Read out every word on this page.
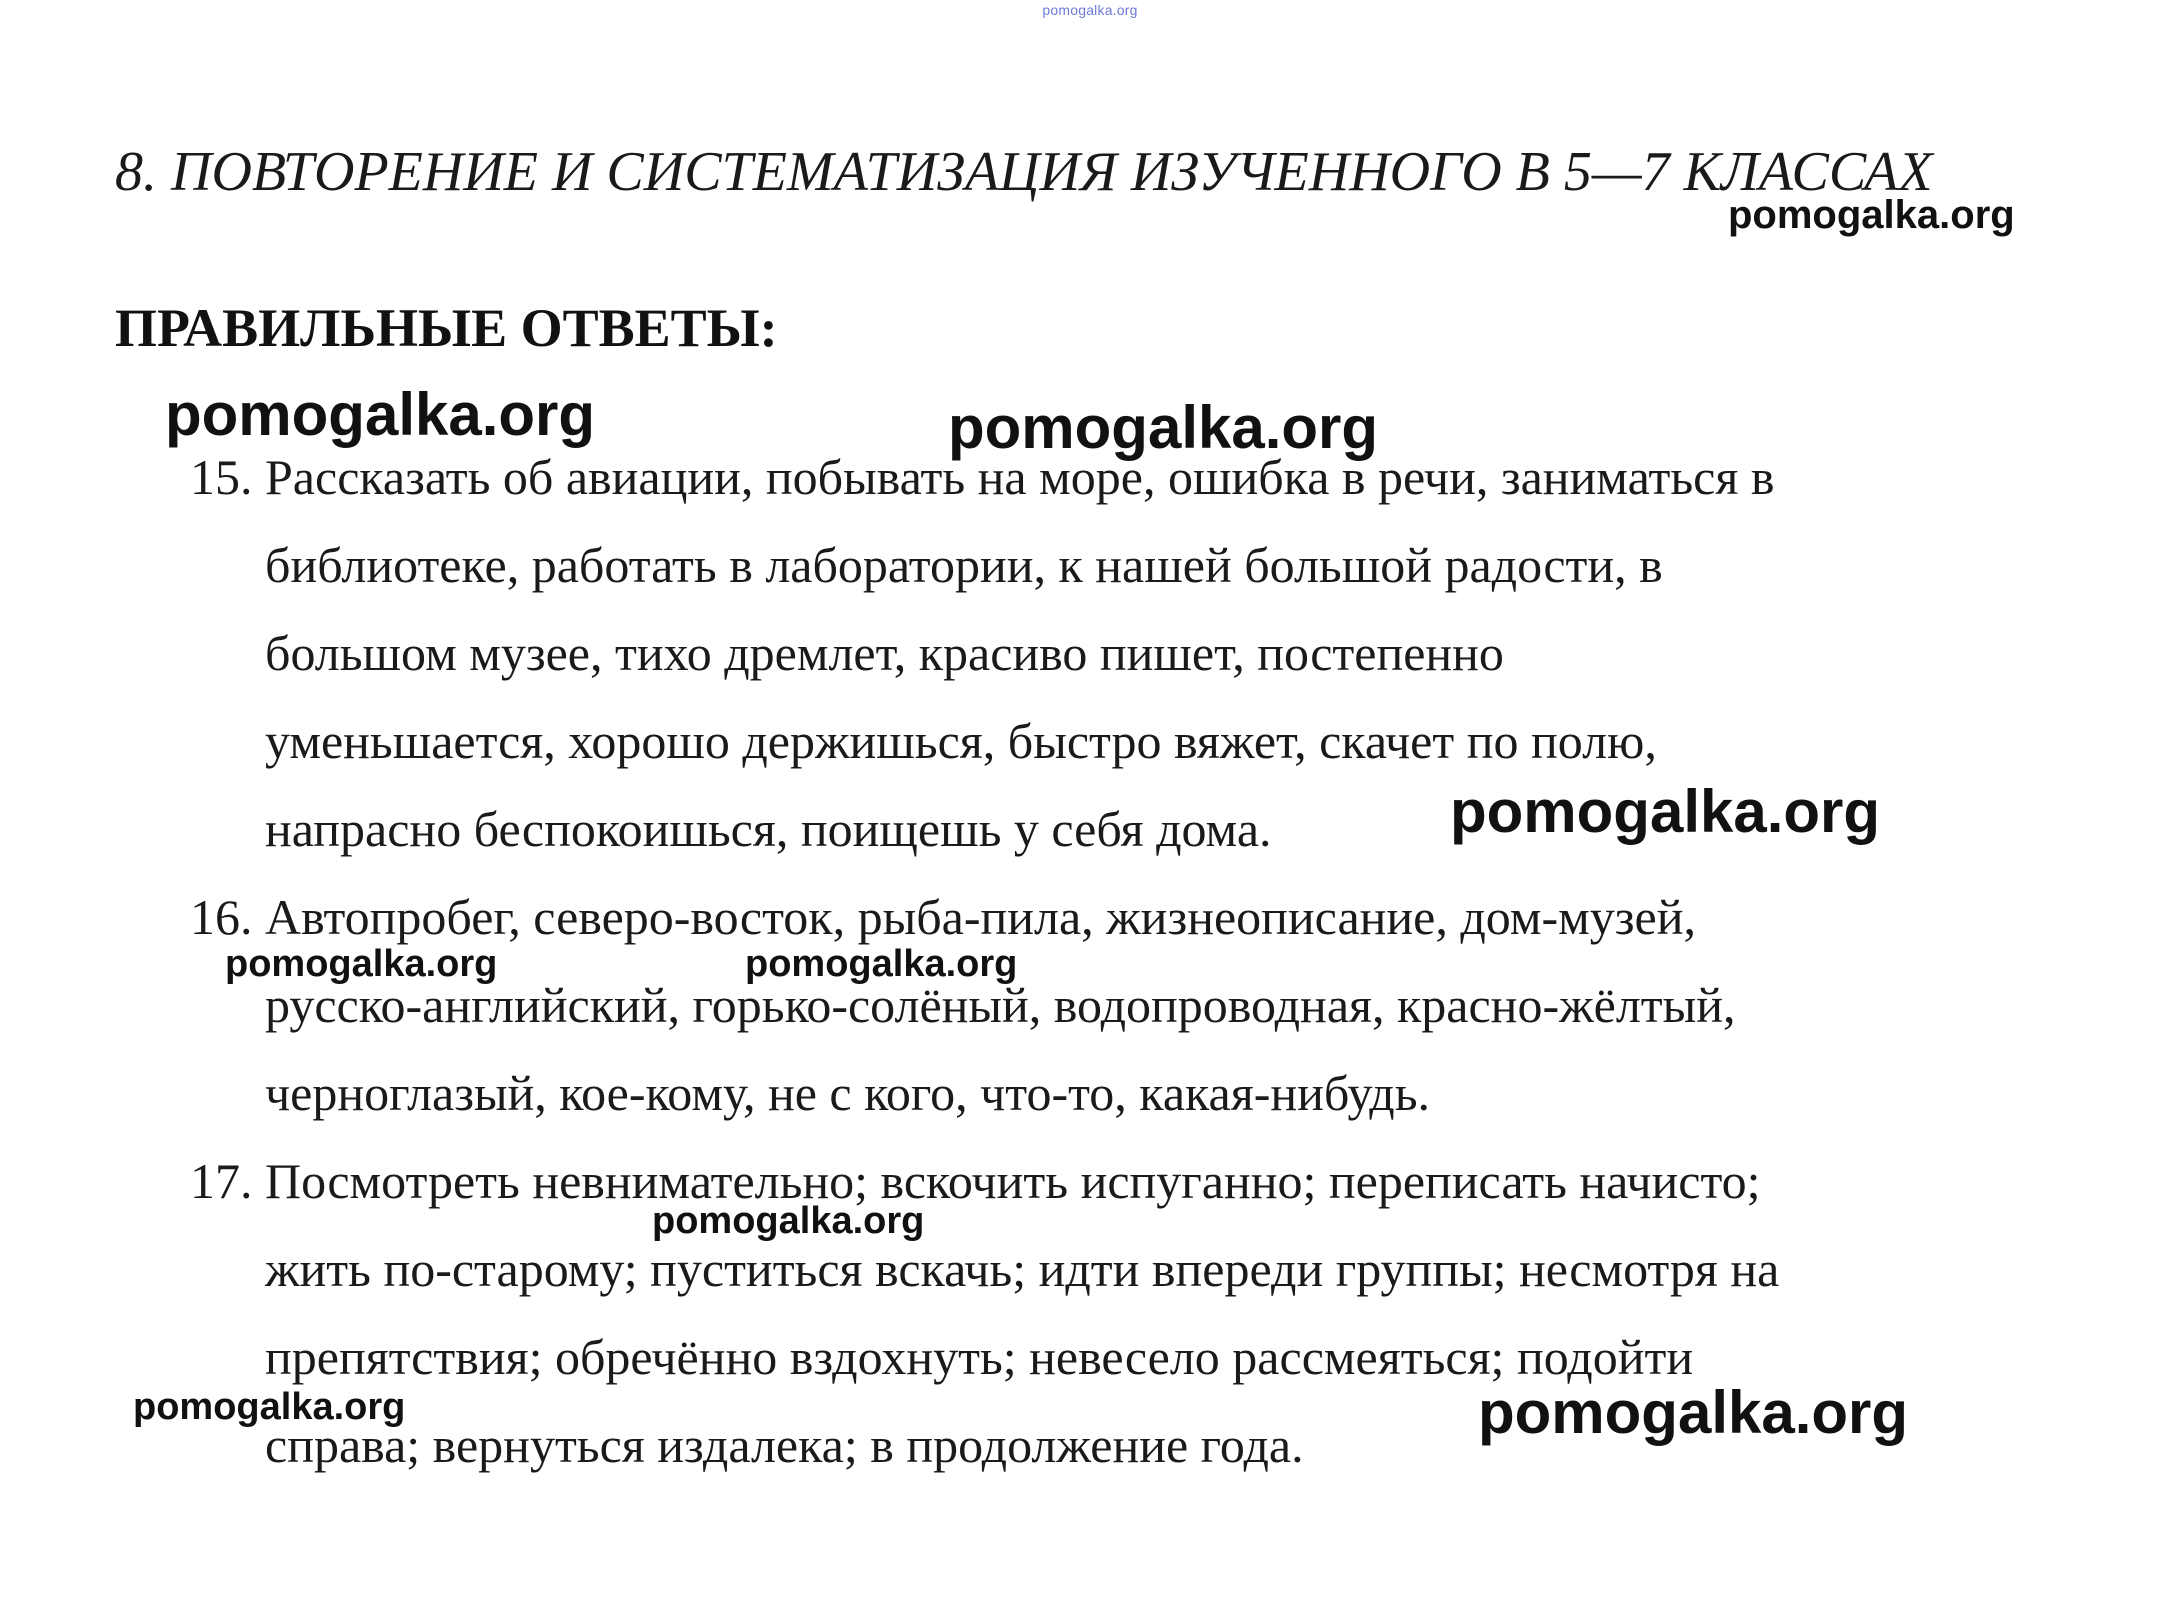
pomogalka.org
8. ПОВТОРЕНИЕ И СИСТЕМАТИЗАЦИЯ ИЗУЧЕННОГО В 5—7 КЛАССАХ
ПРАВИЛЬНЫЕ ОТВЕТЫ:
15. Рассказать об авиации, побывать на море, ошибка в речи, заниматься в
библиотеке, работать в лаборатории, к нашей большой радости, в
большом музее, тихо дремлет, красиво пишет, постепенно
уменьшается, хорошо держишься, быстро вяжет, скачет по полю,
напрасно беспокоишься, поищешь у себя дома.
16. Автопробег, северо-восток, рыба-пила, жизнеописание, дом-музей,
русско-английский, горько-солёный, водопроводная, красно-жёлтый,
черноглазый, кое-кому, не с кого, что-то, какая-нибудь.
17. Посмотреть невнимательно; вскочить испуганно; переписать начисто;
жить по-старому; пуститься вскачь; идти впереди группы; несмотря на
препятствия; обречённо вздохнуть; невесело рассмеяться; подойти
справа; вернуться издалека; в продолжение года.
pomogalka.org
pomogalka.org	pomogalka.org
pomogalka.org
pomogalka.org	pomogalka.org
pomogalka.org
pomogalka.org	pomogalka.org
